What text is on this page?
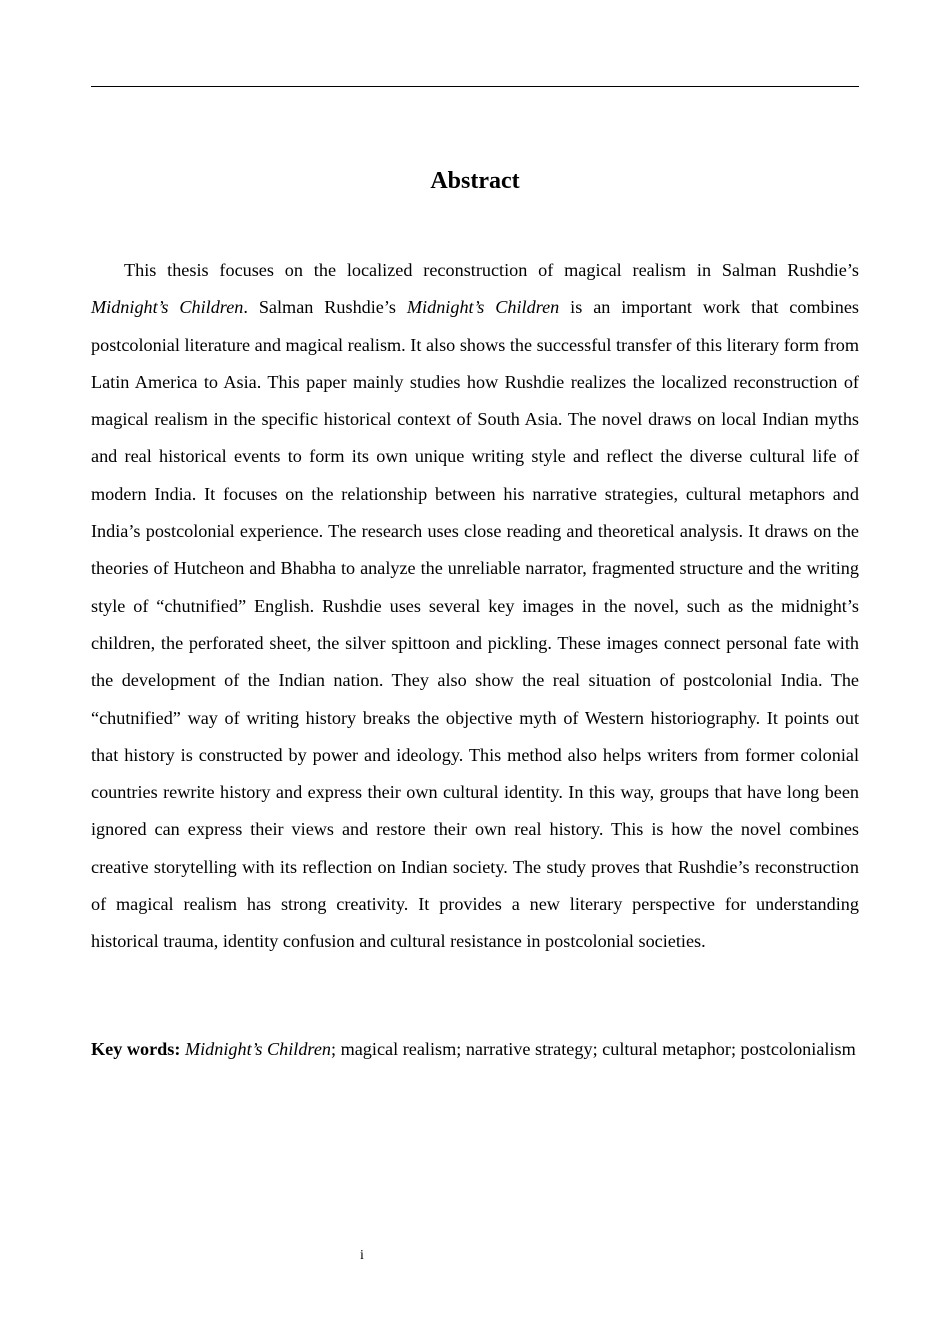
Abstract

This thesis focuses on the localized reconstruction of magical realism in Salman Rushdie’s Midnight’s Children. Salman Rushdie’s Midnight’s Children is an important work that combines postcolonial literature and magical realism. It also shows the successful transfer of this literary form from Latin America to Asia. This paper mainly studies how Rushdie realizes the localized reconstruction of magical realism in the specific historical context of South Asia. The novel draws on local Indian myths and real historical events to form its own unique writing style and reflect the diverse cultural life of modern India. It focuses on the relationship between his narrative strategies, cultural metaphors and India’s postcolonial experience. The research uses close reading and theoretical analysis. It draws on the theories of Hutcheon and Bhabha to analyze the unreliable narrator, fragmented structure and the writing style of “chutnified” English. Rushdie uses several key images in the novel, such as the midnight’s children, the perforated sheet, the silver spittoon and pickling. These images connect personal fate with the development of the Indian nation. They also show the real situation of postcolonial India. The “chutnified” way of writing history breaks the objective myth of Western historiography. It points out that history is constructed by power and ideology. This method also helps writers from former colonial countries rewrite history and express their own cultural identity. In this way, groups that have long been ignored can express their views and restore their own real history. This is how the novel combines creative storytelling with its reflection on Indian society. The study proves that Rushdie’s reconstruction of magical realism has strong creativity. It provides a new literary perspective for understanding historical trauma, identity confusion and cultural resistance in postcolonial societies.

Key words: Midnight’s Children; magical realism; narrative strategy; cultural metaphor; postcolonialism

i
